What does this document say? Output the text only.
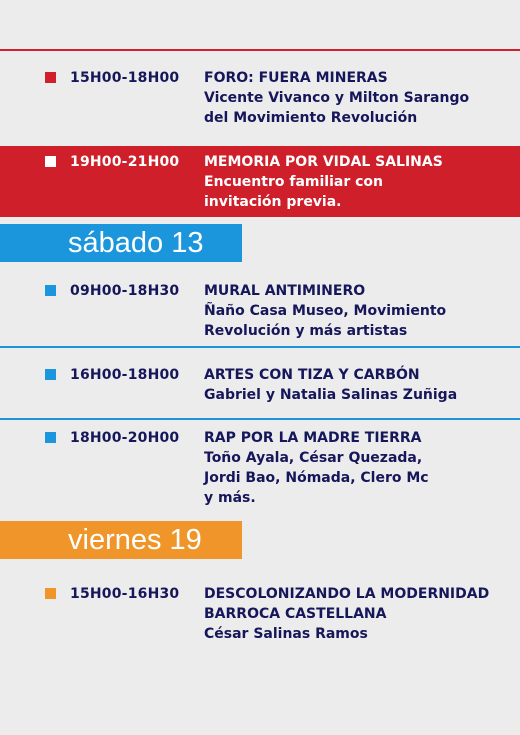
15H00-18H00 FORO: FUERA MINERAS
Vicente Vivanco y Milton Sarango
del Movimiento Revolución
19H00-21H00 MEMORIA POR VIDAL SALINAS
Encuentro familiar con
invitación previa.
sábado 13
09H00-18H30 MURAL ANTIMINERO
Ñaño Casa Museo, Movimiento
Revolución y más artistas
16H00-18H00 ARTES CON TIZA Y CARBÓN
Gabriel y Natalia Salinas Zuñiga
18H00-20H00 RAP POR LA MADRE TIERRA
Toño Ayala, César Quezada,
Jordi Bao, Nómada, Clero Mc
y más.
viernes 19
15H00-16H30 DESCOLONIZANDO LA MODERNIDAD
BARROCA CASTELLANA
César Salinas Ramos
